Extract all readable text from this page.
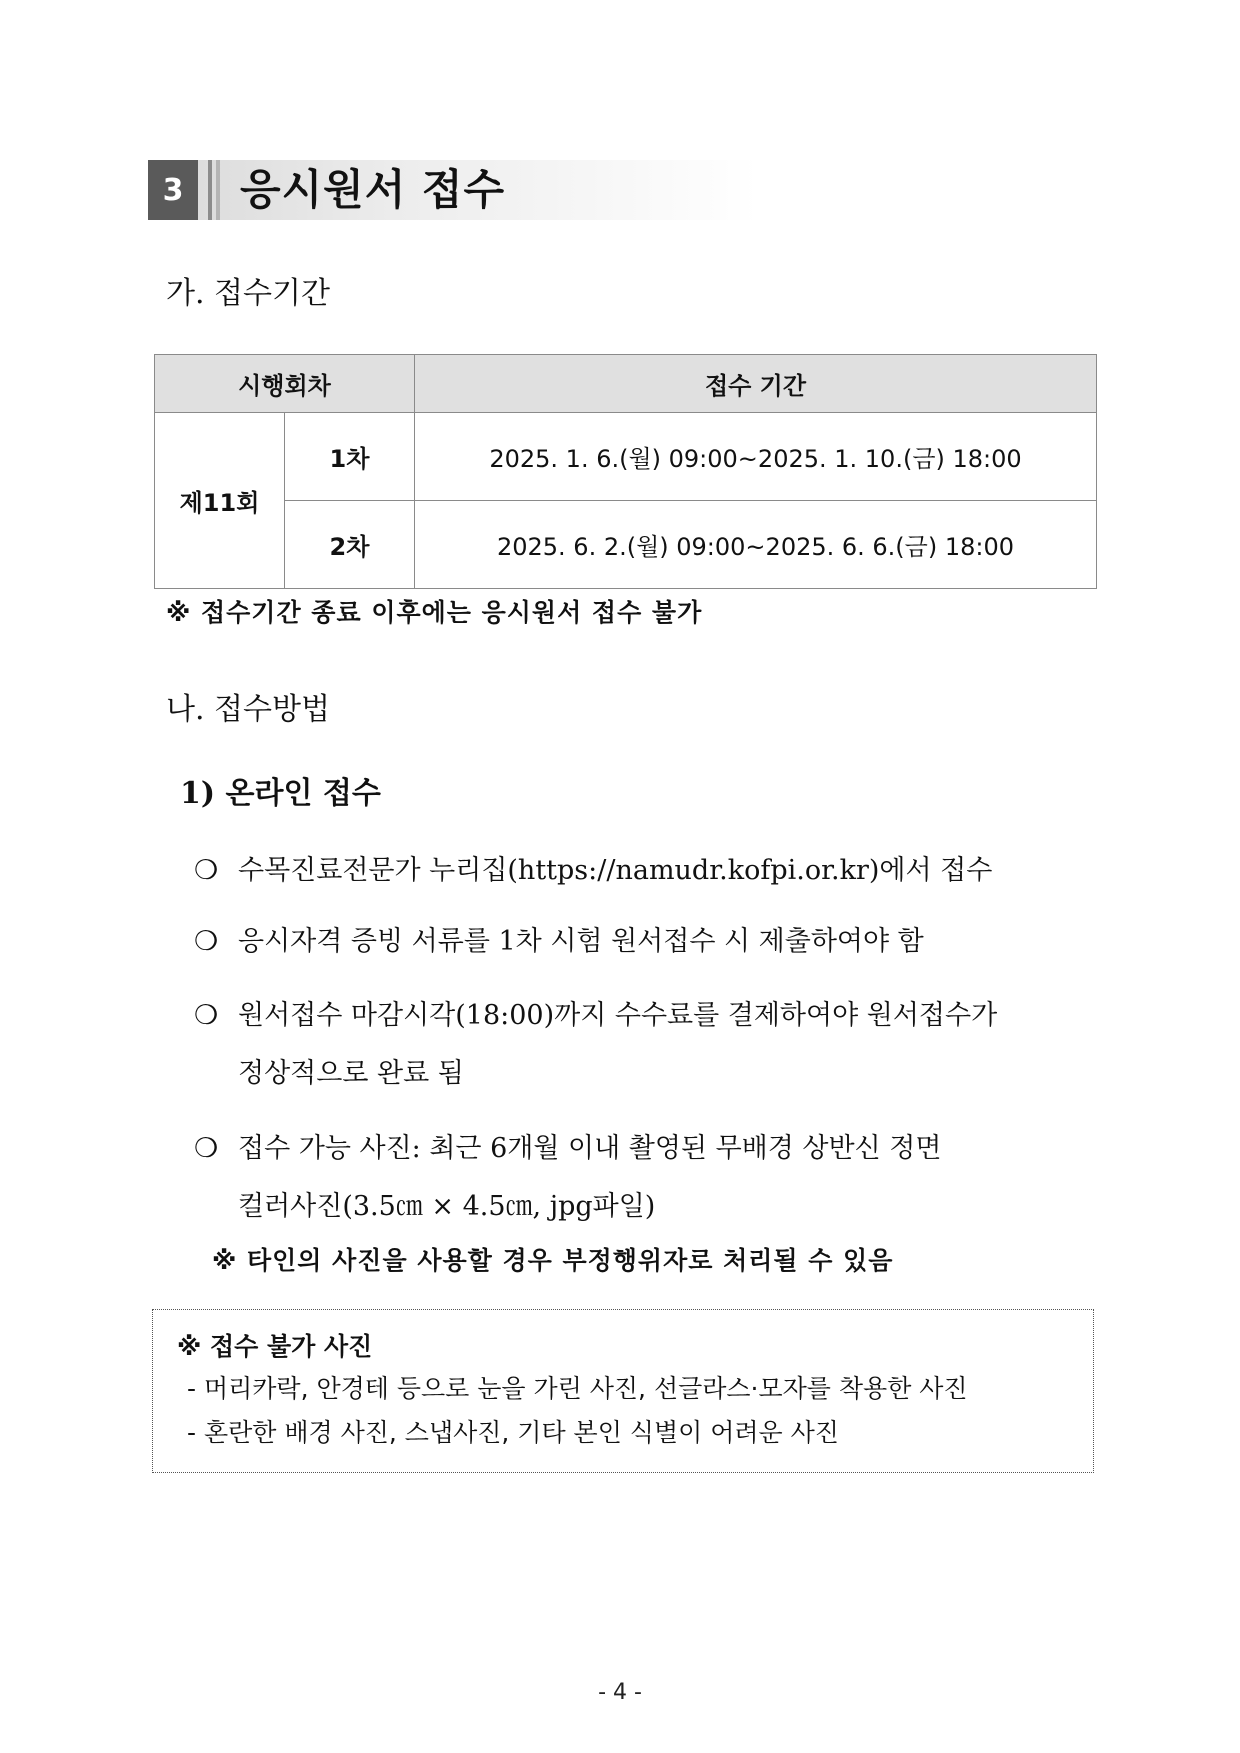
3	응시원서 접수
가. 접수기간
시행회차		접수 기간
제11회	1차	2025. 1. 6.(월) 09:00~2025. 1. 10.(금) 18:00
	2차	2025. 6. 2.(월) 09:00~2025. 6. 6.(금) 18:00
※ 접수기간 종료 이후에는 응시원서 접수 불가
나. 접수방법
1) 온라인 접수
❍ 수목진료전문가 누리집(https://namudr.kofpi.or.kr)에서 접수
❍ 응시자격 증빙 서류를 1차 시험 원서접수 시 제출하여야 함
❍ 원서접수 마감시각(18:00)까지 수수료를 결제하여야 원서접수가
정상적으로 완료 됨
❍ 접수 가능 사진: 최근 6개월 이내 촬영된 무배경 상반신 정면
컬러사진(3.5㎝ × 4.5㎝, jpg파일)
※ 타인의 사진을 사용할 경우 부정행위자로 처리될 수 있음
※ 접수 불가 사진
- 머리카락, 안경테 등으로 눈을 가린 사진, 선글라스·모자를 착용한 사진
- 혼란한 배경 사진, 스냅사진, 기타 본인 식별이 어려운 사진
- 4 -
